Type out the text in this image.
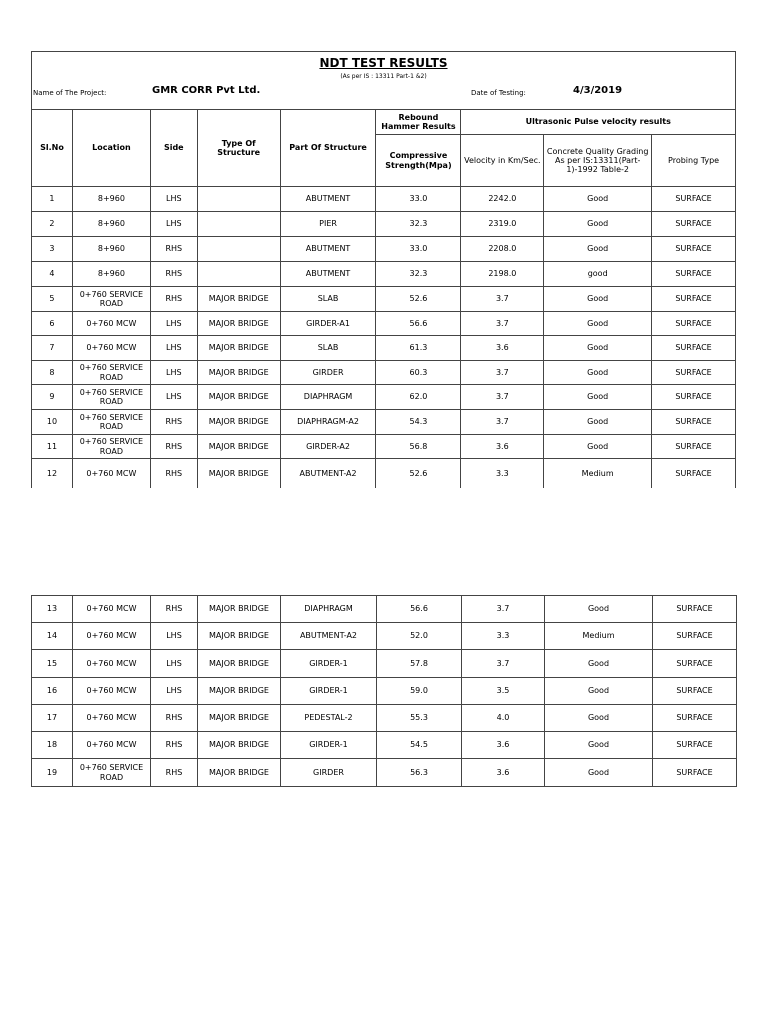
NDT TEST RESULTS
(As per IS : 13311 Part-1 &2)
Name of The Project:	GMR CORR Pvt Ltd.	Date of Testing:	4/3/2019
Sl.No	Location	Side	Type Of Structure	Part Of Structure	Rebound Hammer Results	Ultrasonic Pulse velocity results		
					Compressive Strength(Mpa)	Velocity in Km/Sec.	Concrete Quality Grading As per IS:13311(Part-1)-1992 Table-2	Probing Type
1	8+960	LHS		ABUTMENT	33.0	2242.0	Good	SURFACE
2	8+960	LHS		PIER	32.3	2319.0	Good	SURFACE
3	8+960	RHS		ABUTMENT	33.0	2208.0	Good	SURFACE
4	8+960	RHS		ABUTMENT	32.3	2198.0	good	SURFACE
5	0+760 SERVICE ROAD	RHS	MAJOR BRIDGE	SLAB	52.6	3.7	Good	SURFACE
6	0+760 MCW	LHS	MAJOR BRIDGE	GIRDER-A1	56.6	3.7	Good	SURFACE
7	0+760 MCW	LHS	MAJOR BRIDGE	SLAB	61.3	3.6	Good	SURFACE
8	0+760 SERVICE ROAD	LHS	MAJOR BRIDGE	GIRDER	60.3	3.7	Good	SURFACE
9	0+760 SERVICE ROAD	LHS	MAJOR BRIDGE	DIAPHRAGM	62.0	3.7	Good	SURFACE
10	0+760 SERVICE ROAD	RHS	MAJOR BRIDGE	DIAPHRAGM-A2	54.3	3.7	Good	SURFACE
11	0+760 SERVICE ROAD	RHS	MAJOR BRIDGE	GIRDER-A2	56.8	3.6	Good	SURFACE
12	0+760 MCW	RHS	MAJOR BRIDGE	ABUTMENT-A2	52.6	3.3	Medium	SURFACE
13	0+760 MCW	RHS	MAJOR BRIDGE	DIAPHRAGM	56.6	3.7	Good	SURFACE
14	0+760 MCW	LHS	MAJOR BRIDGE	ABUTMENT-A2	52.0	3.3	Medium	SURFACE
15	0+760 MCW	LHS	MAJOR BRIDGE	GIRDER-1	57.8	3.7	Good	SURFACE
16	0+760 MCW	LHS	MAJOR BRIDGE	GIRDER-1	59.0	3.5	Good	SURFACE
17	0+760 MCW	RHS	MAJOR BRIDGE	PEDESTAL-2	55.3	4.0	Good	SURFACE
18	0+760 MCW	RHS	MAJOR BRIDGE	GIRDER-1	54.5	3.6	Good	SURFACE
19	0+760 SERVICE ROAD	RHS	MAJOR BRIDGE	GIRDER	56.3	3.6	Good	SURFACE
